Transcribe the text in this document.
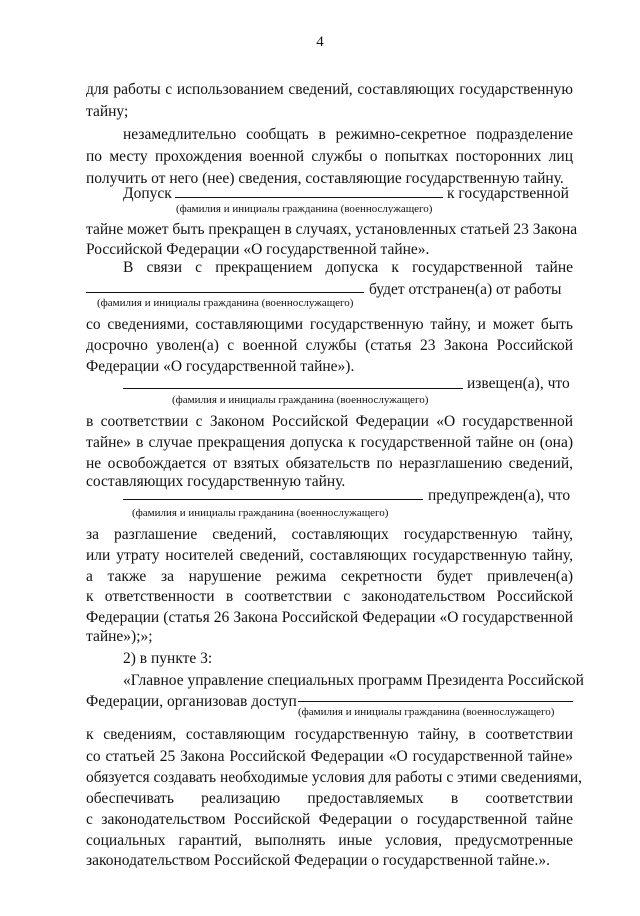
4
для работы с использованием сведений, составляющих государственную
тайну;
незамедлительно сообщать в режимно-секретное подразделение
по месту прохождения военной службы о попытках посторонних лиц
получить от него (нее) сведения, составляющие государственную тайну.
Допуск	к государственной
(фамилия и инициалы гражданина (военнослужащего)
тайне может быть прекращен в случаях, установленных статьей 23 Закона
Российской Федерации «О государственной тайне».
В связи с прекращением допуска к государственной тайне
будет отстранен(а) от работы
(фамилия и инициалы гражданина (военнослужащего)
со сведениями, составляющими государственную тайну, и может быть
досрочно уволен(а) с военной службы (статья 23 Закона Российской
Федерации «О государственной тайне»).
извещен(а), что
(фамилия и инициалы гражданина (военнослужащего)
в соответствии с Законом Российской Федерации «О государственной
тайне» в случае прекращения допуска к государственной тайне он (она)
не освобождается от взятых обязательств по неразглашению сведений,
составляющих государственную тайну.
предупрежден(а), что
(фамилия и инициалы гражданина (военнослужащего)
за разглашение сведений, составляющих государственную тайну,
или утрату носителей сведений, составляющих государственную тайну,
а также за нарушение режима секретности будет привлечен(а)
к ответственности в соответствии с законодательством Российской
Федерации (статья 26 Закона Российской Федерации «О государственной
тайне»);»;
2) в пункте 3:
«Главное управление специальных программ Президента Российской
Федерации, организовав доступ
(фамилия и инициалы гражданина (военнослужащего)
к сведениям, составляющим государственную тайну, в соответствии
со статьей 25 Закона Российской Федерации «О государственной тайне»
обязуется создавать необходимые условия для работы с этими сведениями,
обеспечивать реализацию предоставляемых в соответствии
с законодательством Российской Федерации о государственной тайне
социальных гарантий, выполнять иные условия, предусмотренные
законодательством Российской Федерации о государственной тайне.».
